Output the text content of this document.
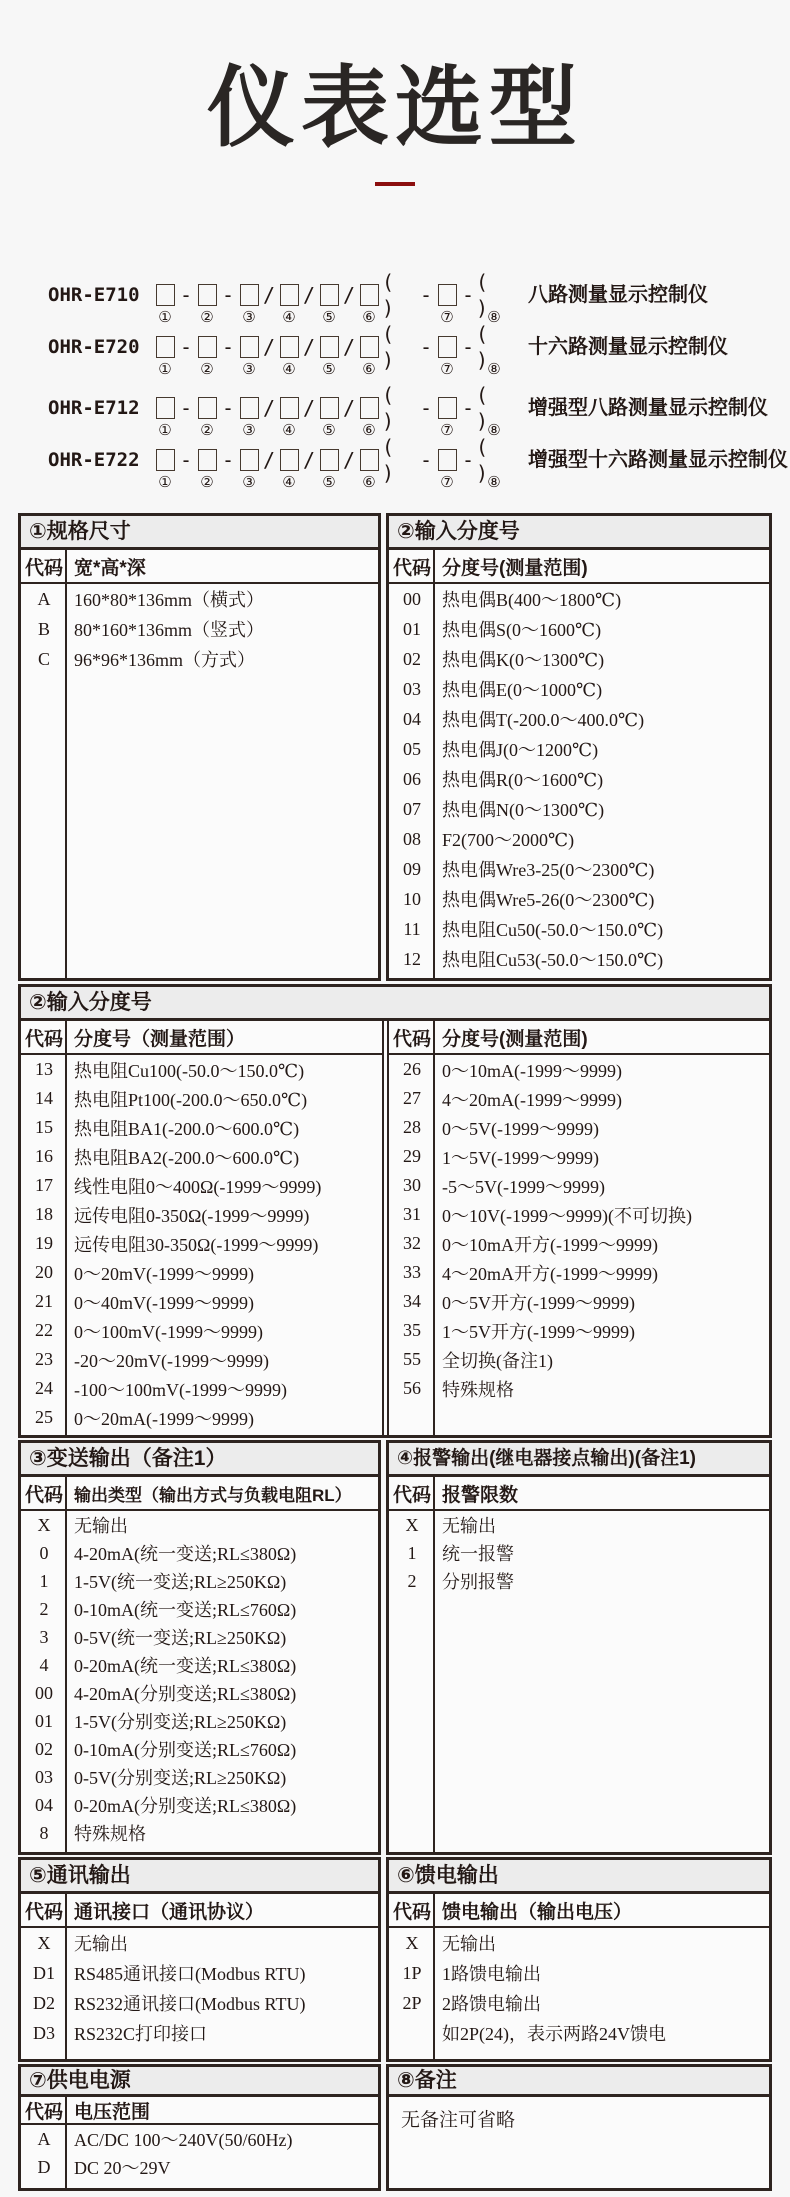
仪表选型
OHR-E710	- - / / /
( )
- -
( )
① ② ③ ④ ⑤ ⑥	⑦ ⑧
八路测量显示控制仪
OHR-E720	- - / / /
( )
- -
( )
① ② ③ ④ ⑤ ⑥	⑦ ⑧
十六路测量显示控制仪
OHR-E712	- - / / /
( )
- -
( )
① ② ③ ④ ⑤ ⑥	⑦ ⑧
增强型八路测量显示控制仪
OHR-E722	- - / / /
( )
- -
( )
① ② ③ ④ ⑤ ⑥	⑦ ⑧
增强型十六路测量显示控制仪
①规格尺寸
代码 宽*高*深
A	160*80*136mm（横式）
B	80*160*136mm（竖式）
C	96*96*136mm（方式）
②输入分度号
代码 分度号(测量范围)
00	热电偶B(400～1800℃)
01	热电偶S(0～1600℃)
02	热电偶K(0～1300℃)
03	热电偶E(0～1000℃)
04	热电偶T(-200.0～400.0℃)
05	热电偶J(0～1200℃)
06	热电偶R(0～1600℃)
07	热电偶N(0～1300℃)
08	F2(700～2000℃)
09	热电偶Wre3-25(0～2300℃)
10	热电偶Wre5-26(0～2300℃)
11	热电阻Cu50(-50.0～150.0℃)
12	热电阻Cu53(-50.0～150.0℃)
②输入分度号
代码 分度号（测量范围）
13	热电阻Cu100(-50.0～150.0℃)
14	热电阻Pt100(-200.0～650.0℃)
15	热电阻BA1(-200.0～600.0℃)
16	热电阻BA2(-200.0～600.0℃)
17	线性电阻0～400Ω(-1999～9999)
18	远传电阻0-350Ω(-1999～9999)
19	远传电阻30-350Ω(-1999～9999)
20	0～20mV(-1999～9999)
21	0～40mV(-1999～9999)
22	0～100mV(-1999～9999)
23	-20～20mV(-1999～9999)
24	-100～100mV(-1999～9999)
25	0～20mA(-1999～9999)
代码 分度号(测量范围)
26	0～10mA(-1999～9999)
27	4～20mA(-1999～9999)
28	0～5V(-1999～9999)
29	1～5V(-1999～9999)
30	-5～5V(-1999～9999)
31	0～10V(-1999～9999)(不可切换)
32	0～10mA开方(-1999～9999)
33	4～20mA开方(-1999～9999)
34	0～5V开方(-1999～9999)
35	1～5V开方(-1999～9999)
55	全切换(备注1)
56	特殊规格
③变送输出（备注1）
代码 输出类型（输出方式与负载电阻RL）
X	无输出
0	4-20mA(统一变送;RL≤380Ω)
1	1-5V(统一变送;RL≥250KΩ)
2	0-10mA(统一变送;RL≤760Ω)
3	0-5V(统一变送;RL≥250KΩ)
4	0-20mA(统一变送;RL≤380Ω)
00	4-20mA(分别变送;RL≤380Ω)
01	1-5V(分别变送;RL≥250KΩ)
02	0-10mA(分别变送;RL≤760Ω)
03	0-5V(分别变送;RL≥250KΩ)
04	0-20mA(分别变送;RL≤380Ω)
8	特殊规格
④报警输出(继电器接点输出)(备注1)
代码 报警限数
X	无输出
1	统一报警
2	分别报警
⑤通讯输出
代码 通讯接口（通讯协议）
X	无输出
D1	RS485通讯接口(Modbus RTU)
D2	RS232通讯接口(Modbus RTU)
D3	RS232C打印接口
⑥馈电输出
代码 馈电输出（输出电压）
X	无输出
1P	1路馈电输出
2P	2路馈电输出
如2P(24)，表示两路24V馈电
⑦供电电源
代码 电压范围
A	AC/DC 100～240V(50/60Hz)
D	DC 20～29V
⑧备注
无备注可省略
